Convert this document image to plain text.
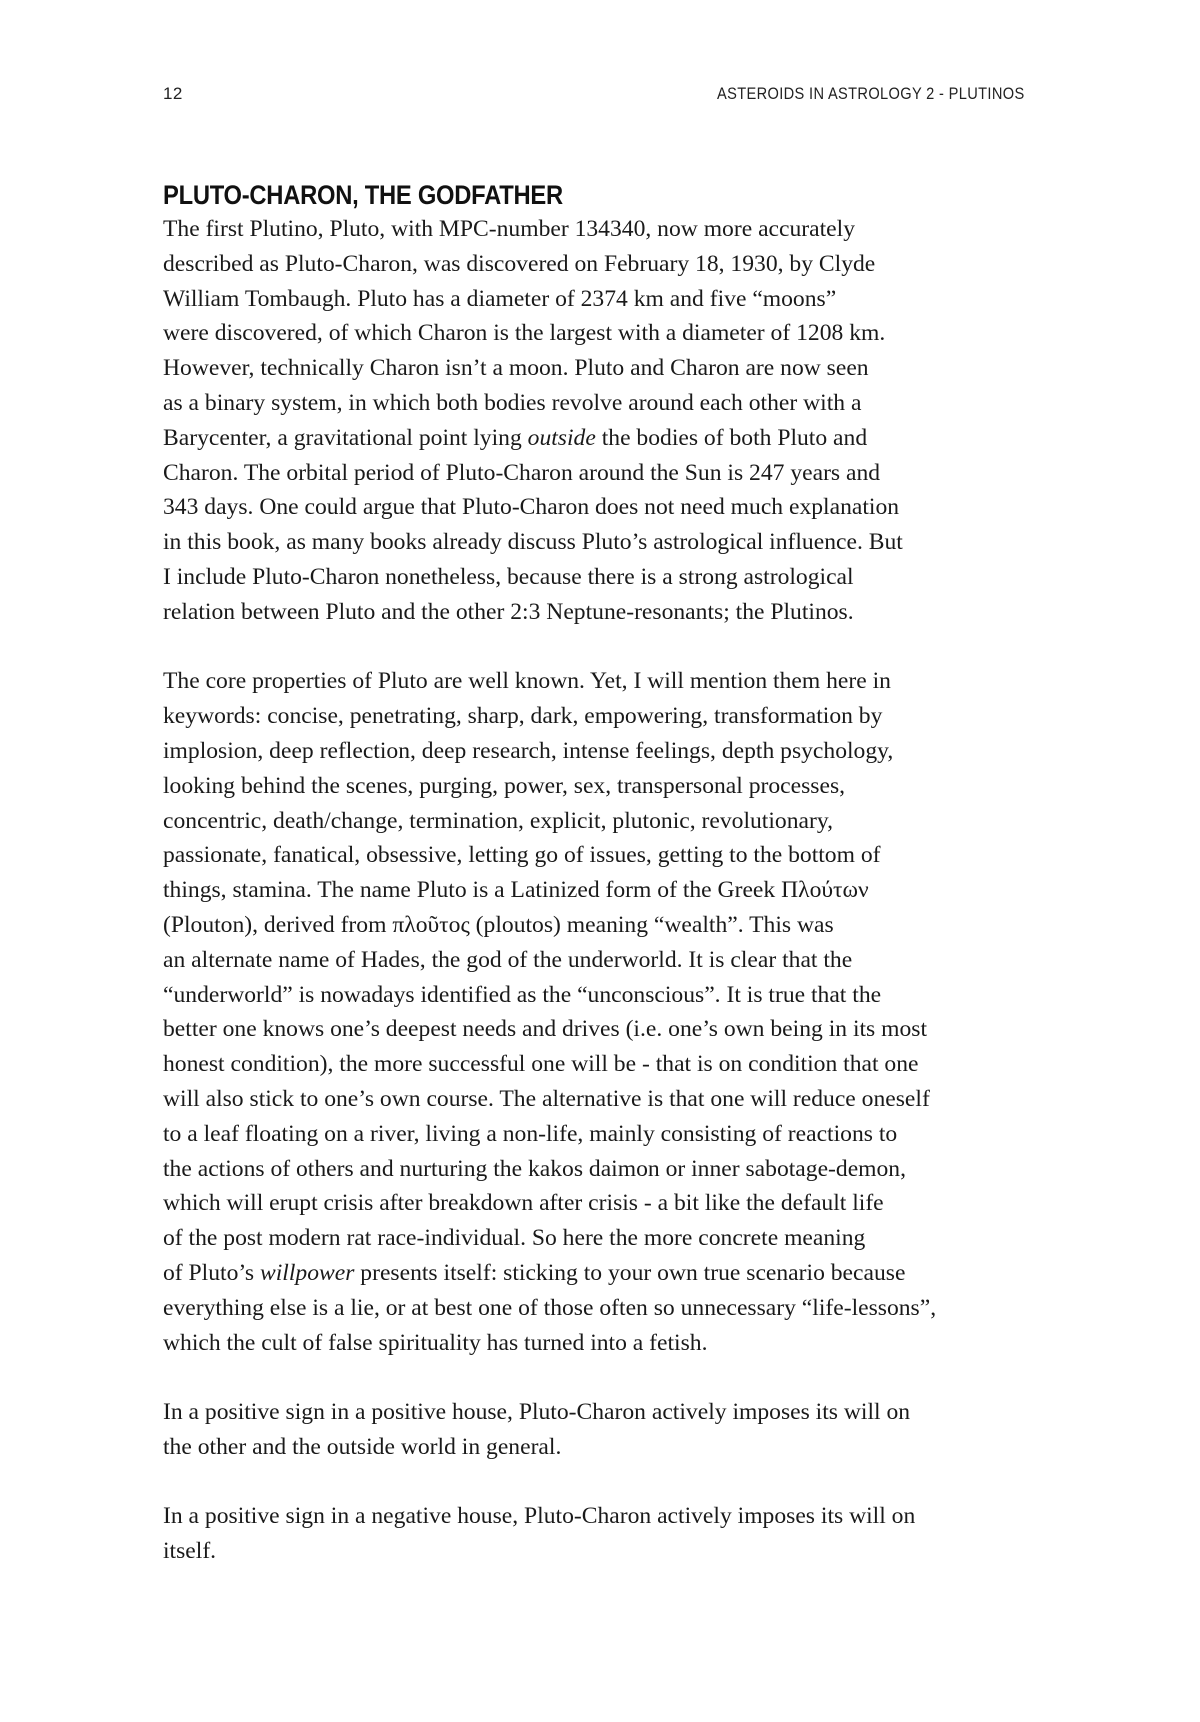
12	ASTEROIDS IN ASTROLOGY 2 - PLUTINOS
PLUTO-CHARON, THE GODFATHER

The first Plutino, Pluto, with MPC-number 134340, now more accurately
described as Pluto-Charon, was discovered on February 18, 1930, by Clyde
William Tombaugh. Pluto has a diameter of 2374 km and five “moons”
were discovered, of which Charon is the largest with a diameter of 1208 km.
However, technically Charon isn’t a moon. Pluto and Charon are now seen
as a binary system, in which both bodies revolve around each other with a
Barycenter, a gravitational point lying outside the bodies of both Pluto and
Charon. The orbital period of Pluto-Charon around the Sun is 247 years and
343 days. One could argue that Pluto-Charon does not need much explanation
in this book, as many books already discuss Pluto’s astrological influence. But
I include Pluto-Charon nonetheless, because there is a strong astrological
relation between Pluto and the other 2:3 Neptune-resonants; the Plutinos.

The core properties of Pluto are well known. Yet, I will mention them here in
keywords: concise, penetrating, sharp, dark, empowering, transformation by
implosion, deep reflection, deep research, intense feelings, depth psychology,
looking behind the scenes, purging, power, sex, transpersonal processes,
concentric, death/change, termination, explicit, plutonic, revolutionary,
passionate, fanatical, obsessive, letting go of issues, getting to the bottom of
things, stamina. The name Pluto is a Latinized form of the Greek Πλούτων
(Plouton), derived from πλοῦτος (ploutos) meaning “wealth”. This was
an alternate name of Hades, the god of the underworld. It is clear that the
“underworld” is nowadays identified as the “unconscious”. It is true that the
better one knows one’s deepest needs and drives (i.e. one’s own being in its most
honest condition), the more successful one will be - that is on condition that one
will also stick to one’s own course. The alternative is that one will reduce oneself
to a leaf floating on a river, living a non-life, mainly consisting of reactions to
the actions of others and nurturing the kakos daimon or inner sabotage-demon,
which will erupt crisis after breakdown after crisis - a bit like the default life
of the post modern rat race-individual. So here the more concrete meaning
of Pluto’s willpower presents itself: sticking to your own true scenario because
everything else is a lie, or at best one of those often so unnecessary “life-lessons”,
which the cult of false spirituality has turned into a fetish.

In a positive sign in a positive house, Pluto-Charon actively imposes its will on
the other and the outside world in general.

In a positive sign in a negative house, Pluto-Charon actively imposes its will on
itself.
